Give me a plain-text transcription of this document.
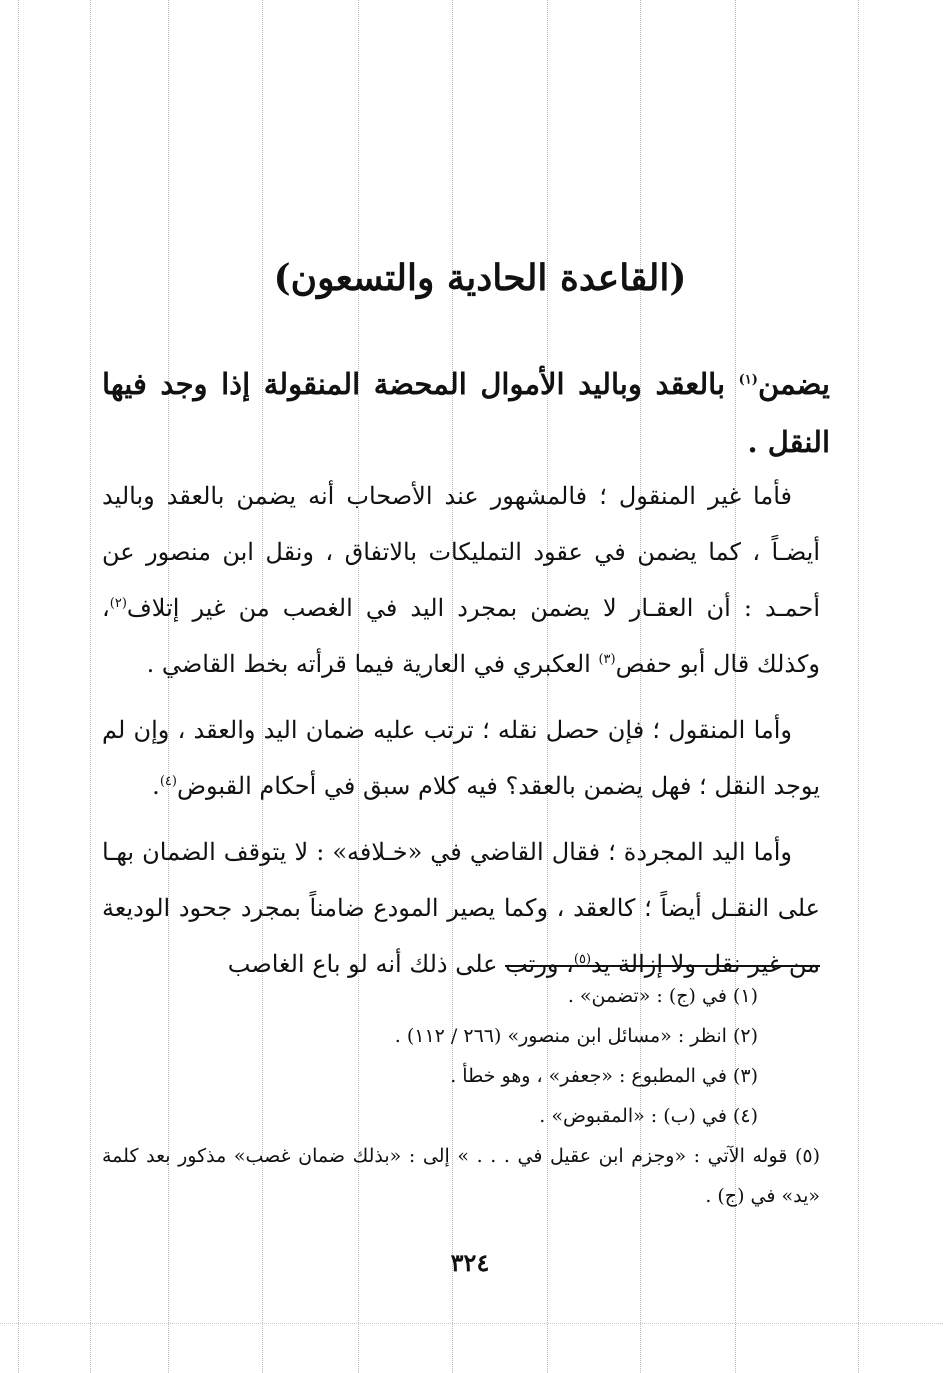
(القاعدة الحادية والتسعون)

يضمن$^{(١)}$ بالعقد وباليد الأموال المحضة المنقولة إذا وجد فيها النقل .

فأما غير المنقول ؛ فالمشهور عند الأصحاب أنه يضمن بالعقد وباليد أيضـاً ، كما يضمن في عقود التمليكات بالاتفاق ، ونقل ابن منصور عن أحمـد : أن العقـار لا يضمن بمجرد اليد في الغصب من غير إتلاف$^{(٢)}$، وكذلك قال أبو حفص$^{(٣)}$ العكبري في العارية فيما قرأته بخط القاضي .

وأما المنقول ؛ فإن حصل نقله ؛ ترتب عليه ضمان اليد والعقد ، وإن لم يوجد النقل ؛ فهل يضمن بالعقد؟ فيه كلام سبق في أحكام القبوض$^{(٤)}$.

وأما اليد المجردة ؛ فقال القاضي في «خـلافه» : لا يتوقف الضمان بهـا على النقـل أيضاً ؛ كالعقد ، وكما يصير المودع ضامناً بمجرد جحود الوديعة من غير نقل ولا إزالة يد$^{(٥)}$، ورتب على ذلك أنه لو باع الغاصب

(١) في (ج) : «تضمن» .
(٢) انظر : «مسائل ابن منصور» (٢٦٦ / ١١٢) .
(٣) في المطبوع : «جعفر» ، وهو خطأ .
(٤) في (ب) : «المقبوض» .
(٥) قوله الآتي : «وجزم ابن عقيل في . . . » إلى : «بذلك ضمان غصب» مذكور بعد كلمة «يد» في (ج) .
٣٢٤
